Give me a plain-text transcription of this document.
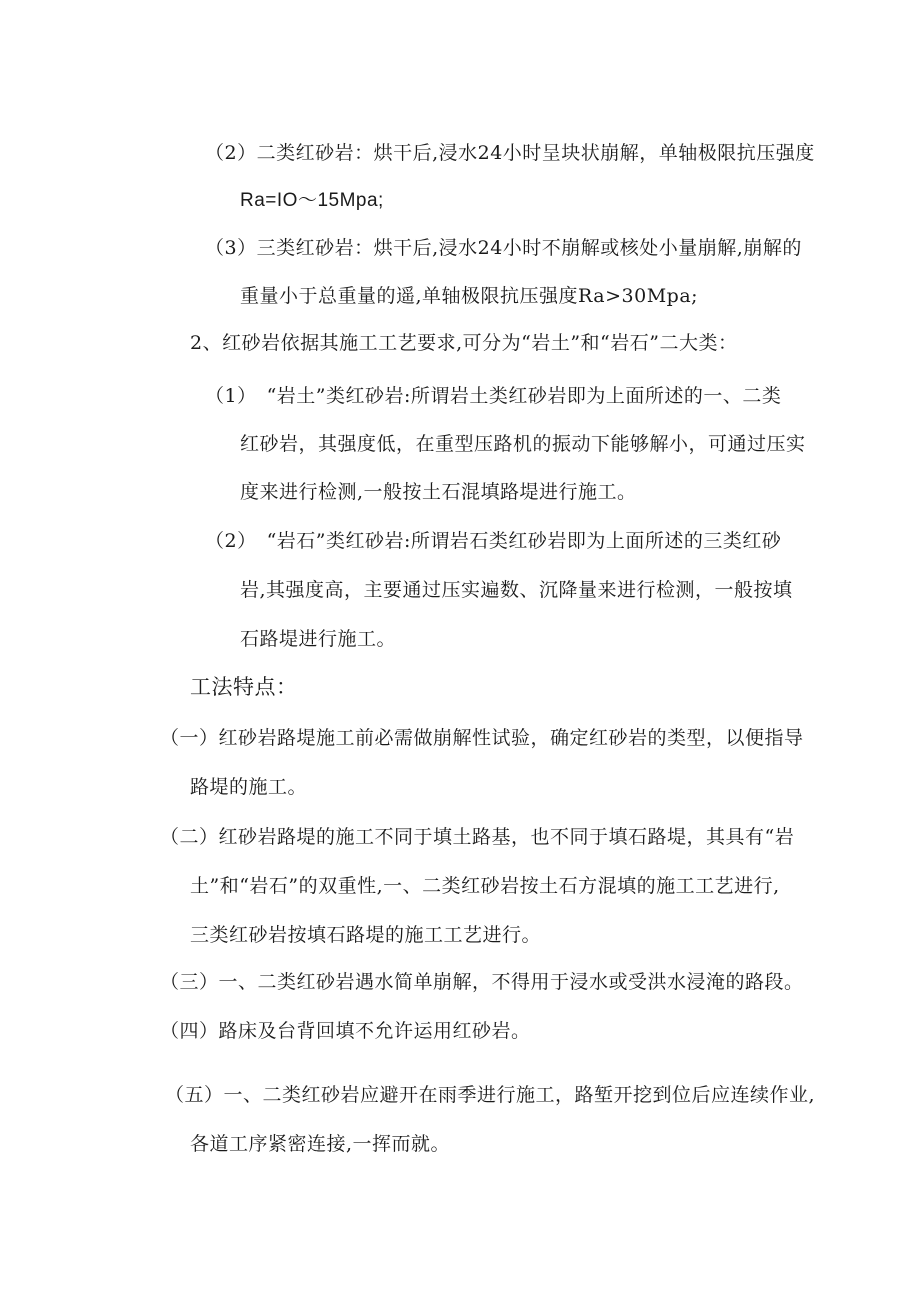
（2）二类红砂岩：烘干后,浸水24小时呈块状崩解，单轴极限抗压强度
Ra=IO〜15Mpa;
（3）三类红砂岩：烘干后,浸水24小时不崩解或核处小量崩解,崩解的
重量小于总重量的遥,单轴极限抗压强度Ra>30Mpa;
2、红砂岩依据其施工工艺要求,可分为“岩土”和“岩石”二大类：
（1）　“岩土”类红砂岩:所谓岩土类红砂岩即为上面所述的一、二类
红砂岩，其强度低，在重型压路机的振动下能够解小，可通过压实
度来进行检测,一般按土石混填路堤进行施工。
（2）　“岩石”类红砂岩:所谓岩石类红砂岩即为上面所述的三类红砂
岩,其强度高，主要通过压实遍数、沉降量来进行检测，一般按填
石路堤进行施工。
工法特点：
（一）红砂岩路堤施工前必需做崩解性试验，确定红砂岩的类型，以便指导
路堤的施工。
（二）红砂岩路堤的施工不同于填土路基，也不同于填石路堤，其具有“岩
土”和“岩石”的双重性,一、二类红砂岩按土石方混填的施工工艺进行,
三类红砂岩按填石路堤的施工工艺进行。
（三）一、二类红砂岩遇水简单崩解，不得用于浸水或受洪水浸淹的路段。
（四）路床及台背回填不允许运用红砂岩。
（五）一、二类红砂岩应避开在雨季进行施工，路堑开挖到位后应连续作业,
各道工序紧密连接,一挥而就。
